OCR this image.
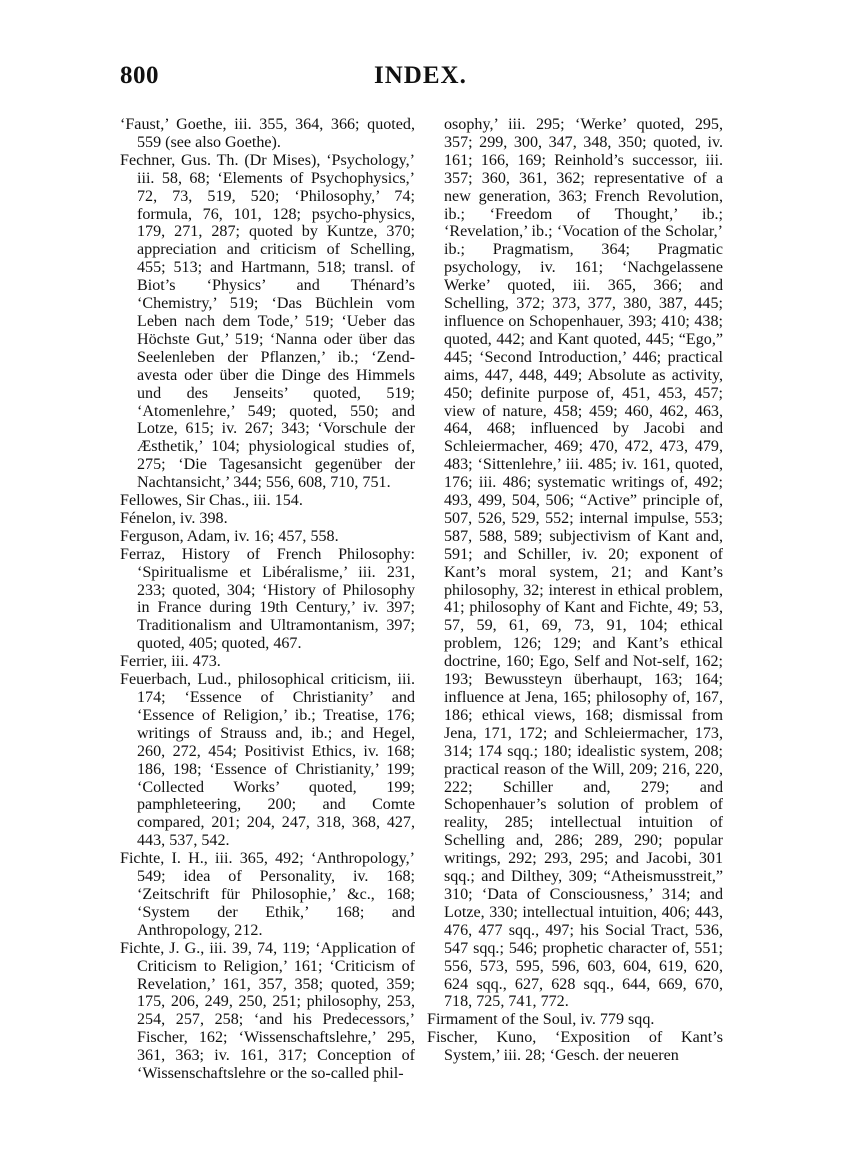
800	INDEX.

‘Faust,’ Goethe, iii. 355, 364, 366; quoted, 559 (see also Goethe).

Fechner, Gus. Th. (Dr Mises), ‘Psychology,’ iii. 58, 68; ‘Elements of Psychophysics,’ 72, 73, 519, 520; ‘Philosophy,’ 74; formula, 76, 101, 128; psycho-physics, 179, 271, 287; quoted by Kuntze, 370; appreciation and criticism of Schelling, 455; 513; and Hartmann, 518; transl. of Biot’s ‘Physics’ and Thénard’s ‘Chemistry,’ 519; ‘Das Büchlein vom Leben nach dem Tode,’ 519; ‘Ueber das Höchste Gut,’ 519; ‘Nanna oder über das Seelenleben der Pflanzen,’ ib.; ‘Zend-avesta oder über die Dinge des Himmels und des Jenseits’ quoted, 519; ‘Atomenlehre,’ 549; quoted, 550; and Lotze, 615; iv. 267; 343; ‘Vorschule der Æsthetik,’ 104; physiological studies of, 275; ‘Die Tagesansicht gegenüber der Nachtansicht,’ 344; 556, 608, 710, 751.

Fellowes, Sir Chas., iii. 154.

Fénelon, iv. 398.

Ferguson, Adam, iv. 16; 457, 558.

Ferraz, History of French Philosophy: ‘Spiritualisme et Libéralisme,’ iii. 231, 233; quoted, 304; ‘History of Philosophy in France during 19th Century,’ iv. 397; Traditionalism and Ultramontanism, 397; quoted, 405; quoted, 467.

Ferrier, iii. 473.

Feuerbach, Lud., philosophical criticism, iii. 174; ‘Essence of Christianity’ and ‘Essence of Religion,’ ib.; Treatise, 176; writings of Strauss and, ib.; and Hegel, 260, 272, 454; Positivist Ethics, iv. 168; 186, 198; ‘Essence of Christianity,’ 199; ‘Collected Works’ quoted, 199; pamphleteering, 200; and Comte compared, 201; 204, 247, 318, 368, 427, 443, 537, 542.

Fichte, I. H., iii. 365, 492; ‘Anthropology,’ 549; idea of Personality, iv. 168; ‘Zeitschrift für Philosophie,’ &c., 168; ‘System der Ethik,’ 168; and Anthropology, 212.

Fichte, J. G., iii. 39, 74, 119; ‘Application of Criticism to Religion,’ 161; ‘Criticism of Revelation,’ 161, 357, 358; quoted, 359; 175, 206, 249, 250, 251; philosophy, 253, 254, 257, 258; ‘and his Predecessors,’ Fischer, 162; ‘Wissenschaftslehre,’ 295, 361, 363; iv. 161, 317; Conception of ‘Wissenschaftslehre or the so-called phil-

osophy,’ iii. 295; ‘Werke’ quoted, 295, 357; 299, 300, 347, 348, 350; quoted, iv. 161; 166, 169; Reinhold’s successor, iii. 357; 360, 361, 362; representative of a new generation, 363; French Revolution, ib.; ‘Freedom of Thought,’ ib.; ‘Revelation,’ ib.; ‘Vocation of the Scholar,’ ib.; Pragmatism, 364; Pragmatic psychology, iv. 161; ‘Nachgelassene Werke’ quoted, iii. 365, 366; and Schelling, 372; 373, 377, 380, 387, 445; influence on Schopenhauer, 393; 410; 438; quoted, 442; and Kant quoted, 445; “Ego,” 445; ‘Second Introduction,’ 446; practical aims, 447, 448, 449; Absolute as activity, 450; definite purpose of, 451, 453, 457; view of nature, 458; 459; 460, 462, 463, 464, 468; influenced by Jacobi and Schleiermacher, 469; 470, 472, 473, 479, 483; ‘Sittenlehre,’ iii. 485; iv. 161, quoted, 176; iii. 486; systematic writings of, 492; 493, 499, 504, 506; “Active” principle of, 507, 526, 529, 552; internal impulse, 553; 587, 588, 589; subjectivism of Kant and, 591; and Schiller, iv. 20; exponent of Kant’s moral system, 21; and Kant’s philosophy, 32; interest in ethical problem, 41; philosophy of Kant and Fichte, 49; 53, 57, 59, 61, 69, 73, 91, 104; ethical problem, 126; 129; and Kant’s ethical doctrine, 160; Ego, Self and Not-self, 162; 193; Bewussteyn überhaupt, 163; 164; influence at Jena, 165; philosophy of, 167, 186; ethical views, 168; dismissal from Jena, 171, 172; and Schleiermacher, 173, 314; 174 sqq.; 180; idealistic system, 208; practical reason of the Will, 209; 216, 220, 222; Schiller and, 279; and Schopenhauer’s solution of problem of reality, 285; intellectual intuition of Schelling and, 286; 289, 290; popular writings, 292; 293, 295; and Jacobi, 301 sqq.; and Dilthey, 309; “Atheismusstreit,” 310; ‘Data of Consciousness,’ 314; and Lotze, 330; intellectual intuition, 406; 443, 476, 477 sqq., 497; his Social Tract, 536, 547 sqq.; 546; prophetic character of, 551; 556, 573, 595, 596, 603, 604, 619, 620, 624 sqq., 627, 628 sqq., 644, 669, 670, 718, 725, 741, 772.

Firmament of the Soul, iv. 779 sqq.

Fischer, Kuno, ‘Exposition of Kant’s System,’ iii. 28; ‘Gesch. der neueren
